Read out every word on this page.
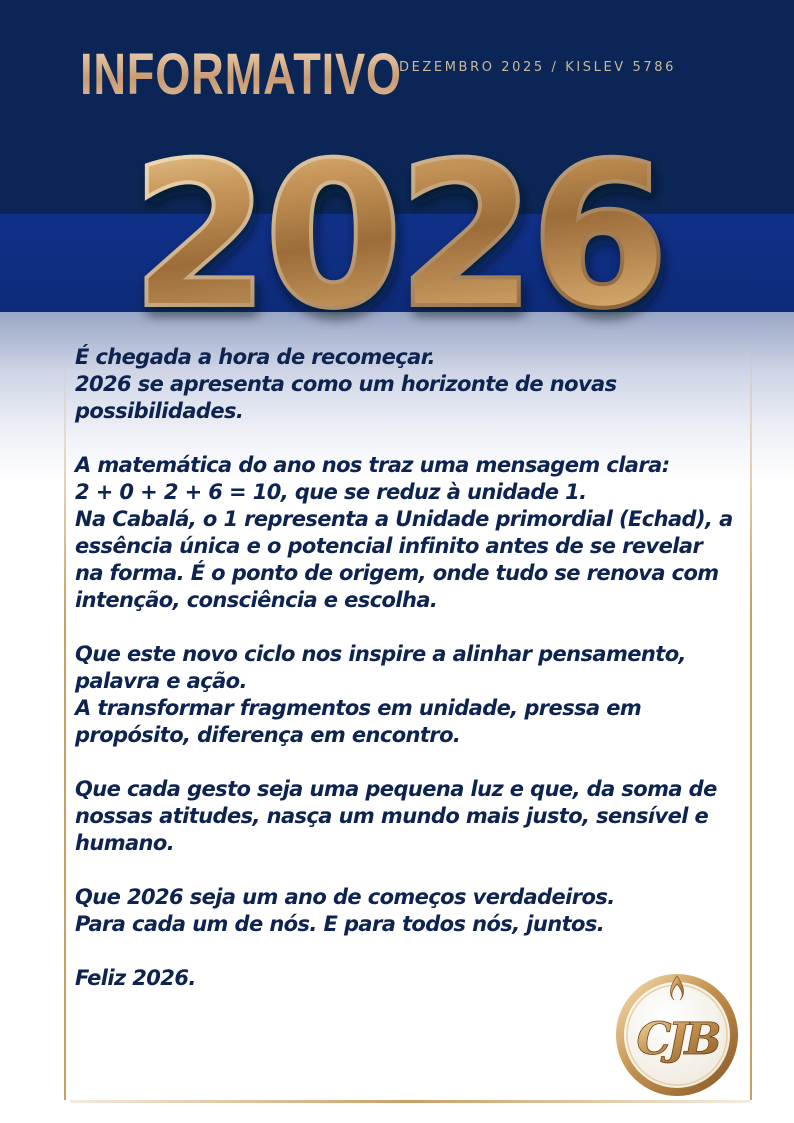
INFORMATIVO
DEZEMBRO 2025 / KISLEV 5786
2026

É chegada a hora de recomeçar.
2026 se apresenta como um horizonte de novas possibilidades.

A matemática do ano nos traz uma mensagem clara:
2 + 0 + 2 + 6 = 10, que se reduz à unidade 1.
Na Cabalá, o 1 representa a Unidade primordial (Echad), a essência única e o potencial infinito antes de se revelar na forma. É o ponto de origem, onde tudo se renova com intenção, consciência e escolha.

Que este novo ciclo nos inspire a alinhar pensamento, palavra e ação.
A transformar fragmentos em unidade, pressa em propósito, diferença em encontro.

Que cada gesto seja uma pequena luz e que, da soma de nossas atitudes, nasça um mundo mais justo, sensível e humano.

Que 2026 seja um ano de começos verdadeiros.
Para cada um de nós. E para todos nós, juntos.

Feliz 2026.

CJB
